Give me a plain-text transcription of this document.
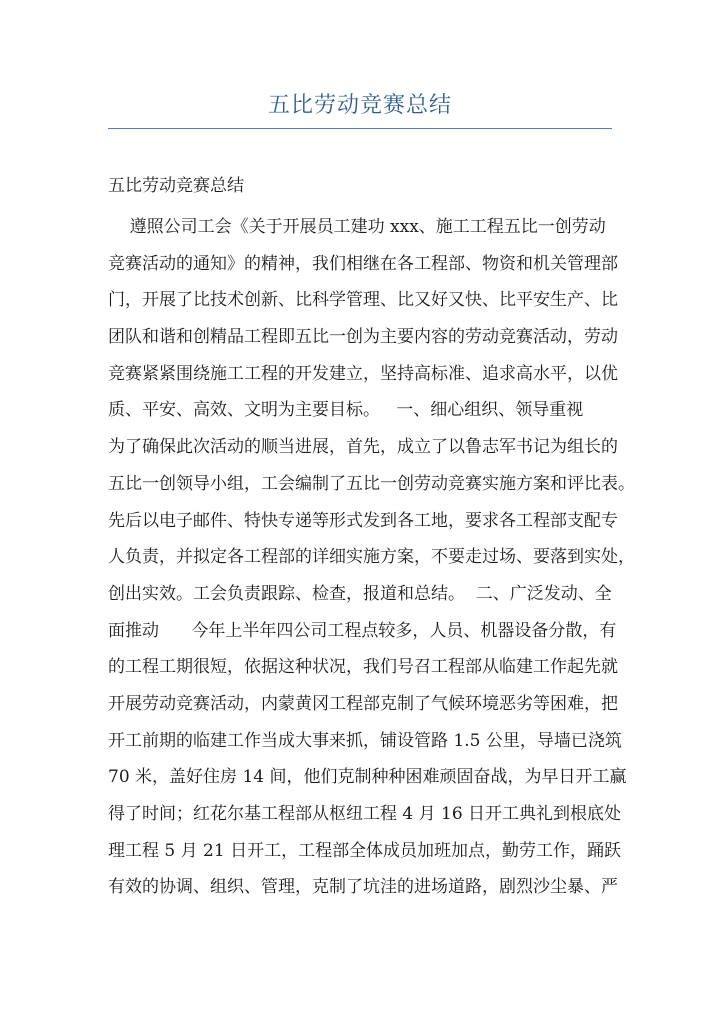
五比劳动竞赛总结
五比劳动竞赛总结
遵照公司工会《关于开展员工建功 xxx、施工工程五比一创劳动
竞赛活动的通知》的精神，我们相继在各工程部、物资和机关管理部
门，开展了比技术创新、比科学管理、比又好又快、比平安生产、比
团队和谐和创精品工程即五比一创为主要内容的劳动竞赛活动，劳动
竞赛紧紧围绕施工工程的开发建立，坚持高标准、追求高水平，以优
质、平安、高效、文明为主要目标。   一、细心组织、领导重视
为了确保此次活动的顺当进展，首先，成立了以鲁志军书记为组长的
五比一创领导小组，工会编制了五比一创劳动竞赛实施方案和评比表。
先后以电子邮件、特快专递等形式发到各工地，要求各工程部支配专
人负责，并拟定各工程部的详细实施方案，不要走过场、要落到实处，
创出实效。工会负责跟踪、检查，报道和总结。  二、广泛发动、全
面推动      今年上半年四公司工程点较多，人员、机器设备分散，有
的工程工期很短，依据这种状况，我们号召工程部从临建工作起先就
开展劳动竞赛活动，内蒙黄冈工程部克制了气候环境恶劣等困难，把
开工前期的临建工作当成大事来抓，铺设管路 1.5 公里，导墙已浇筑
70 米，盖好住房 14 间，他们克制种种困难顽固奋战，为早日开工赢
得了时间；红花尔基工程部从枢纽工程 4 月 16 日开工典礼到根底处
理工程 5 月 21 日开工，工程部全体成员加班加点，勤劳工作，踊跃
有效的协调、组织、管理，克制了坑洼的进场道路，剧烈沙尘暴、严
